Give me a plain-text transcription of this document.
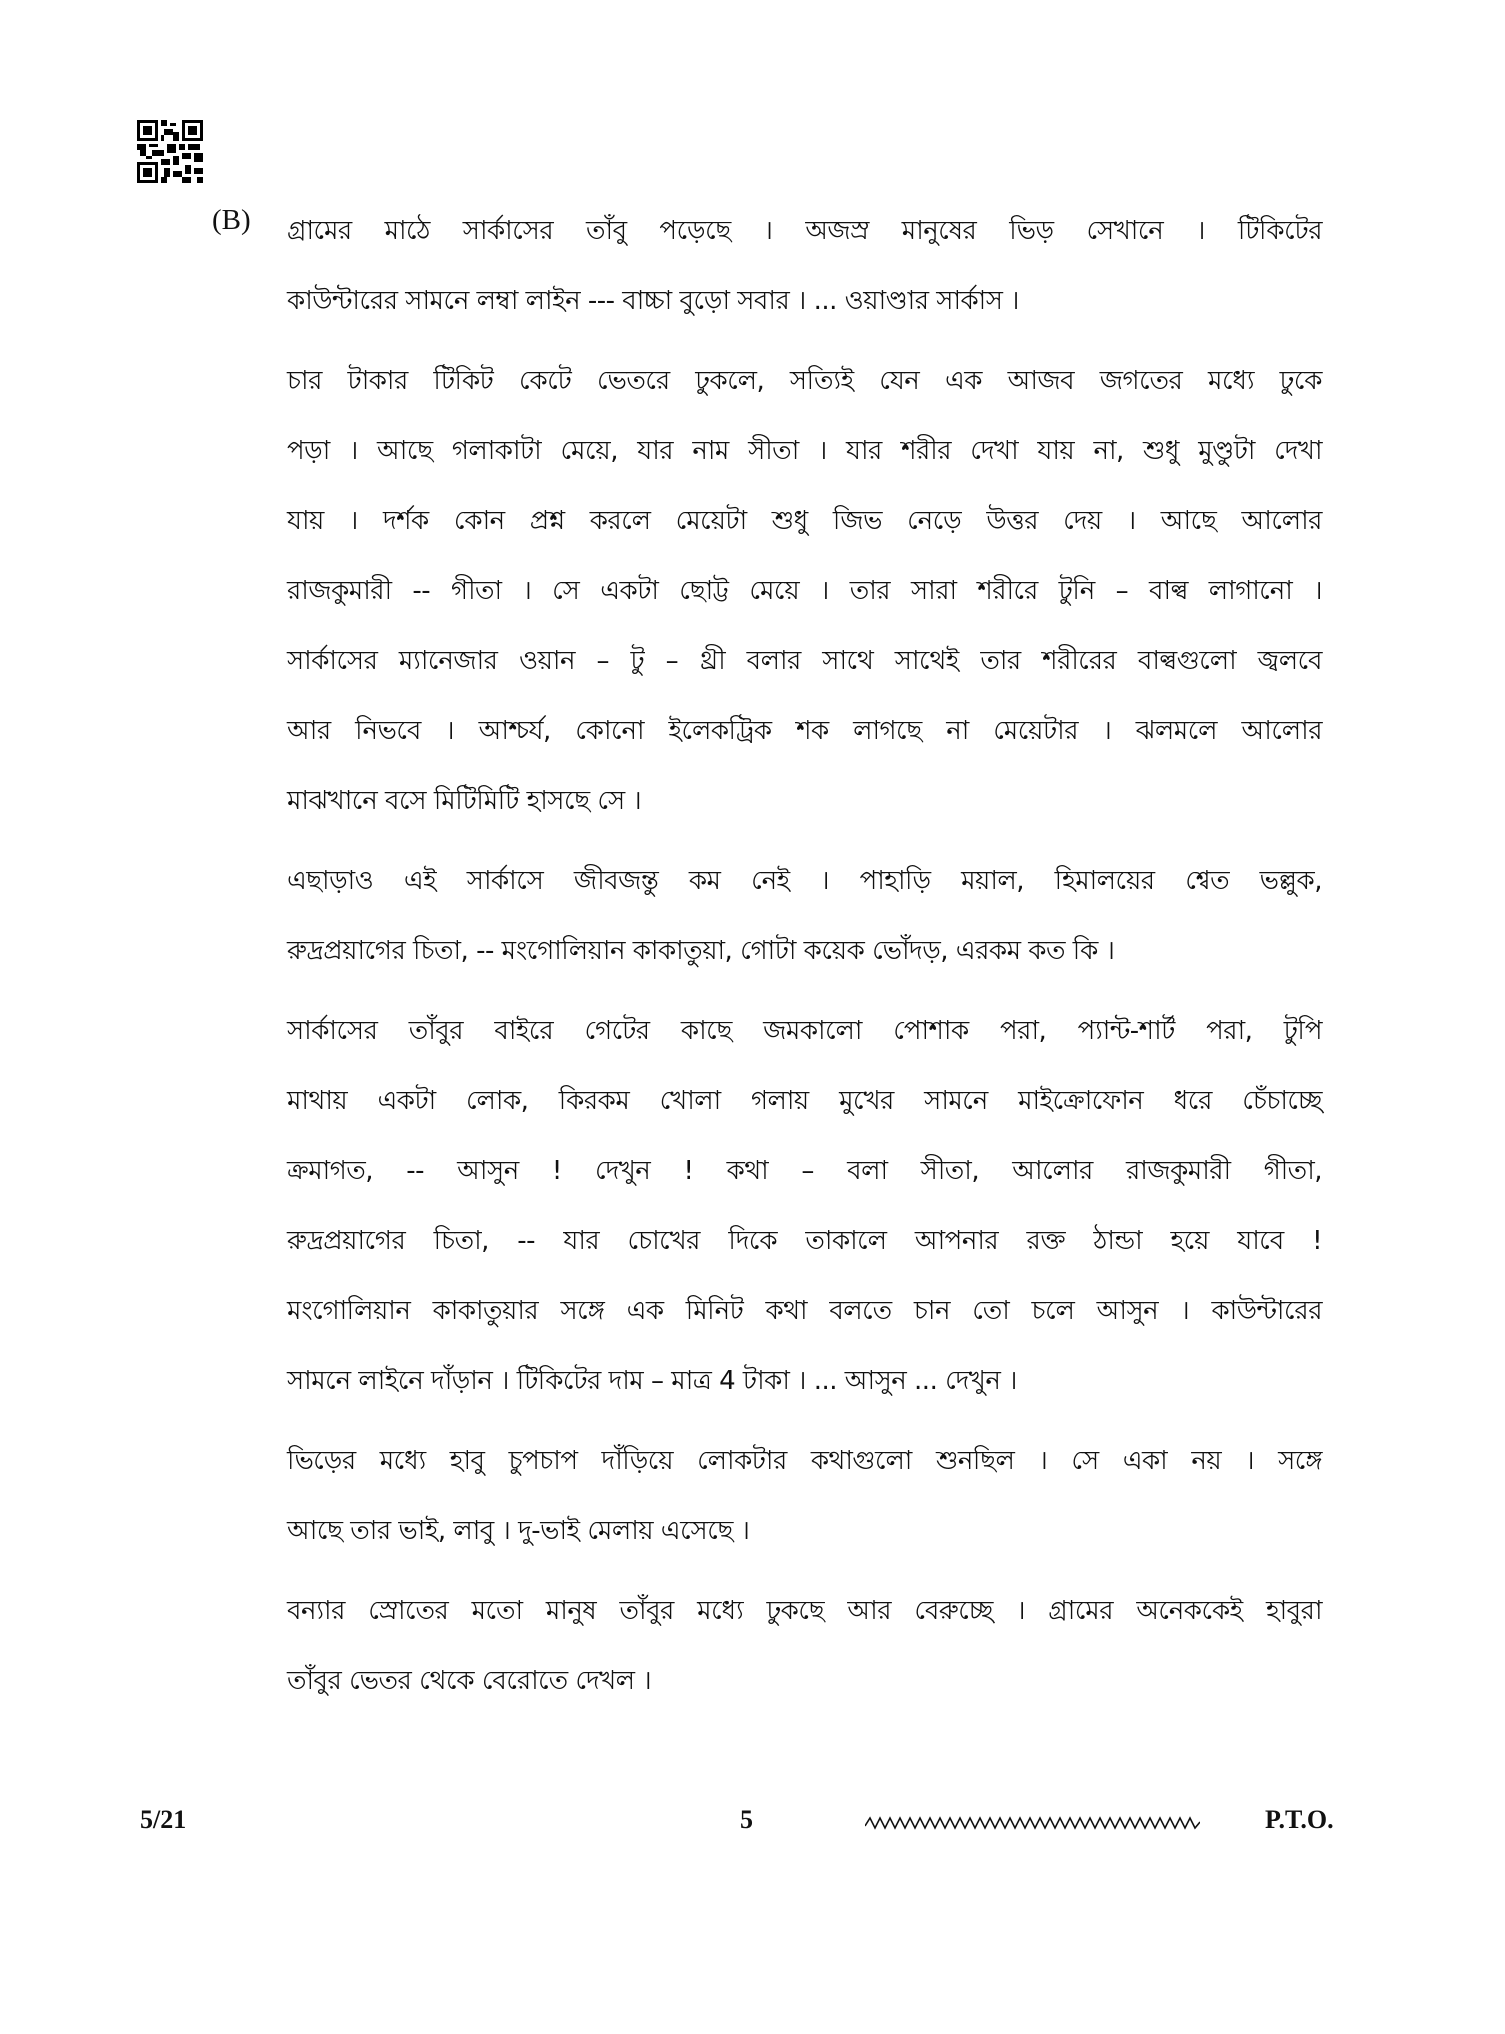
(B) গ্রামের মাঠে সার্কাসের তাঁবু পড়েছে । অজস্র মানুষের ভিড় সেখানে । টিকিটের
কাউন্টারের সামনে লম্বা লাইন --- বাচ্চা বুড়ো সবার । ... ওয়াণ্ডার সার্কাস ।

চার টাকার টিকিট কেটে ভেতরে ঢুকলে, সত্যিই যেন এক আজব জগতের মধ্যে ঢুকে
পড়া । আছে গলাকাটা মেয়ে, যার নাম সীতা । যার শরীর দেখা যায় না, শুধু মুণ্ডুটা দেখা
যায় । দর্শক কোন প্রশ্ন করলে মেয়েটা শুধু জিভ নেড়ে উত্তর দেয় । আছে আলোর
রাজকুমারী -- গীতা । সে একটা ছোট্ট মেয়ে । তার সারা শরীরে টুনি – বাল্ব লাগানো ।
সার্কাসের ম্যানেজার ওয়ান – টু – থ্রী বলার সাথে সাথেই তার শরীরের বাল্বগুলো জ্বলবে
আর নিভবে । আশ্চর্য, কোনো ইলেকট্রিক শক লাগছে না মেয়েটার । ঝলমলে আলোর
মাঝখানে বসে মিটিমিটি হাসছে সে ।

এছাড়াও এই সার্কাসে জীবজন্তু কম নেই । পাহাড়ি ময়াল, হিমালয়ের শ্বেত ভল্লুক,
রুদ্রপ্রয়াগের চিতা, -- মংগোলিয়ান কাকাতুয়া, গোটা কয়েক ভোঁদড়, এরকম কত কি ।

সার্কাসের তাঁবুর বাইরে গেটের কাছে জমকালো পোশাক পরা, প্যান্ট-শার্ট পরা, টুপি
মাথায় একটা লোক, কিরকম খোলা গলায় মুখের সামনে মাইক্রোফোন ধরে চেঁচাচ্ছে
ক্রমাগত, -- আসুন ! দেখুন ! কথা – বলা সীতা, আলোর রাজকুমারী গীতা,
রুদ্রপ্রয়াগের চিতা, -- যার চোখের দিকে তাকালে আপনার রক্ত ঠান্ডা হয়ে যাবে !
মংগোলিয়ান কাকাতুয়ার সঙ্গে এক মিনিট কথা বলতে চান তো চলে আসুন । কাউন্টারের
সামনে লাইনে দাঁড়ান । টিকিটের দাম – মাত্র 4 টাকা । ... আসুন ... দেখুন ।

ভিড়ের মধ্যে হাবু চুপচাপ দাঁড়িয়ে লোকটার কথাগুলো শুনছিল । সে একা নয় । সঙ্গে
আছে তার ভাই, লাবু । দু-ভাই মেলায় এসেছে ।

বন্যার স্রোতের মতো মানুষ তাঁবুর মধ্যে ঢুকছে আর বেরুচ্ছে । গ্রামের অনেককেই হাবুরা
তাঁবুর ভেতর থেকে বেরোতে দেখল ।

5/21	5	P.T.O.
